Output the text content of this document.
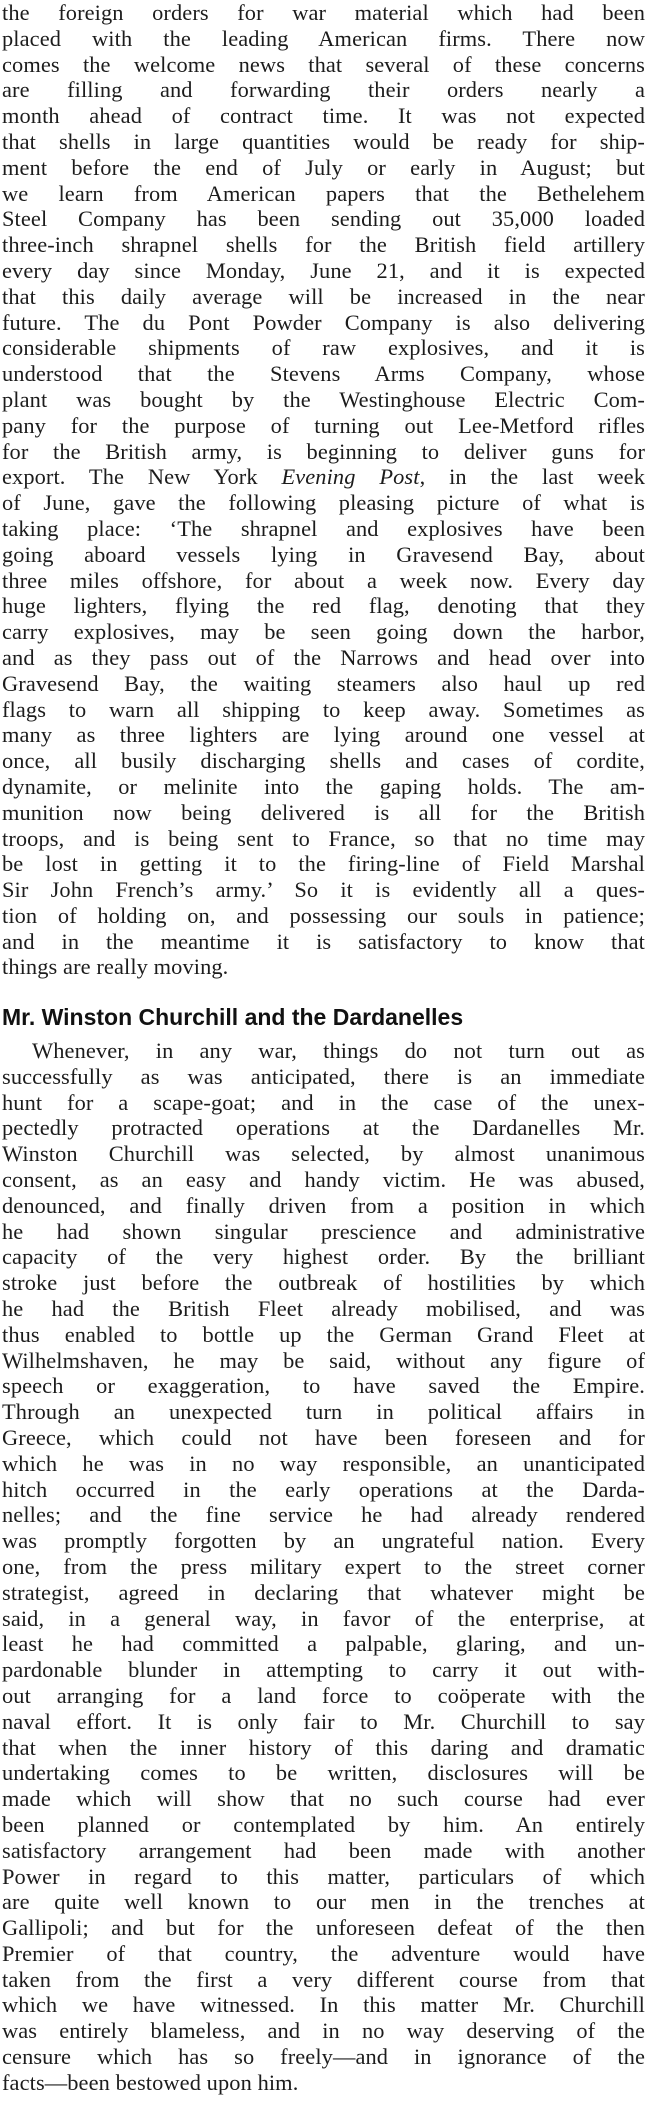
the foreign orders for war material which had been
placed with the leading American firms. There now
comes the welcome news that several of these concerns
are filling and forwarding their orders nearly a
month ahead of contract time. It was not expected
that shells in large quantities would be ready for ship-
ment before the end of July or early in August; but
we learn from American papers that the Bethelehem
Steel Company has been sending out 35,000 loaded
three-inch shrapnel shells for the British field artillery
every day since Monday, June 21, and it is expected
that this daily average will be increased in the near
future. The du Pont Powder Company is also delivering
considerable shipments of raw explosives, and it is
understood that the Stevens Arms Company, whose
plant was bought by the Westinghouse Electric Com-
pany for the purpose of turning out Lee-Metford rifles
for the British army, is beginning to deliver guns for
export. The New York Evening Post, in the last week
of June, gave the following pleasing picture of what is
taking place: ‘The shrapnel and explosives have been
going aboard vessels lying in Gravesend Bay, about
three miles offshore, for about a week now. Every day
huge lighters, flying the red flag, denoting that they
carry explosives, may be seen going down the harbor,
and as they pass out of the Narrows and head over into
Gravesend Bay, the waiting steamers also haul up red
flags to warn all shipping to keep away. Sometimes as
many as three lighters are lying around one vessel at
once, all busily discharging shells and cases of cordite,
dynamite, or melinite into the gaping holds. The am-
munition now being delivered is all for the British
troops, and is being sent to France, so that no time may
be lost in getting it to the firing-line of Field Marshal
Sir John French’s army.’ So it is evidently all a ques-
tion of holding on, and possessing our souls in patience;
and in the meantime it is satisfactory to know that
things are really moving.

Mr. Winston Churchill and the Dardanelles

Whenever, in any war, things do not turn out as
successfully as was anticipated, there is an immediate
hunt for a scape-goat; and in the case of the unex-
pectedly protracted operations at the Dardanelles Mr.
Winston Churchill was selected, by almost unanimous
consent, as an easy and handy victim. He was abused,
denounced, and finally driven from a position in which
he had shown singular prescience and administrative
capacity of the very highest order. By the brilliant
stroke just before the outbreak of hostilities by which
he had the British Fleet already mobilised, and was
thus enabled to bottle up the German Grand Fleet at
Wilhelmshaven, he may be said, without any figure of
speech or exaggeration, to have saved the Empire.
Through an unexpected turn in political affairs in
Greece, which could not have been foreseen and for
which he was in no way responsible, an unanticipated
hitch occurred in the early operations at the Darda-
nelles; and the fine service he had already rendered
was promptly forgotten by an ungrateful nation. Every
one, from the press military expert to the street corner
strategist, agreed in declaring that whatever might be
said, in a general way, in favor of the enterprise, at
least he had committed a palpable, glaring, and un-
pardonable blunder in attempting to carry it out with-
out arranging for a land force to coöperate with the
naval effort. It is only fair to Mr. Churchill to say
that when the inner history of this daring and dramatic
undertaking comes to be written, disclosures will be
made which will show that no such course had ever
been planned or contemplated by him. An entirely
satisfactory arrangement had been made with another
Power in regard to this matter, particulars of which
are quite well known to our men in the trenches at
Gallipoli; and but for the unforeseen defeat of the then
Premier of that country, the adventure would have
taken from the first a very different course from that
which we have witnessed. In this matter Mr. Churchill
was entirely blameless, and in no way deserving of the
censure which has so freely—and in ignorance of the
facts—been bestowed upon him.
